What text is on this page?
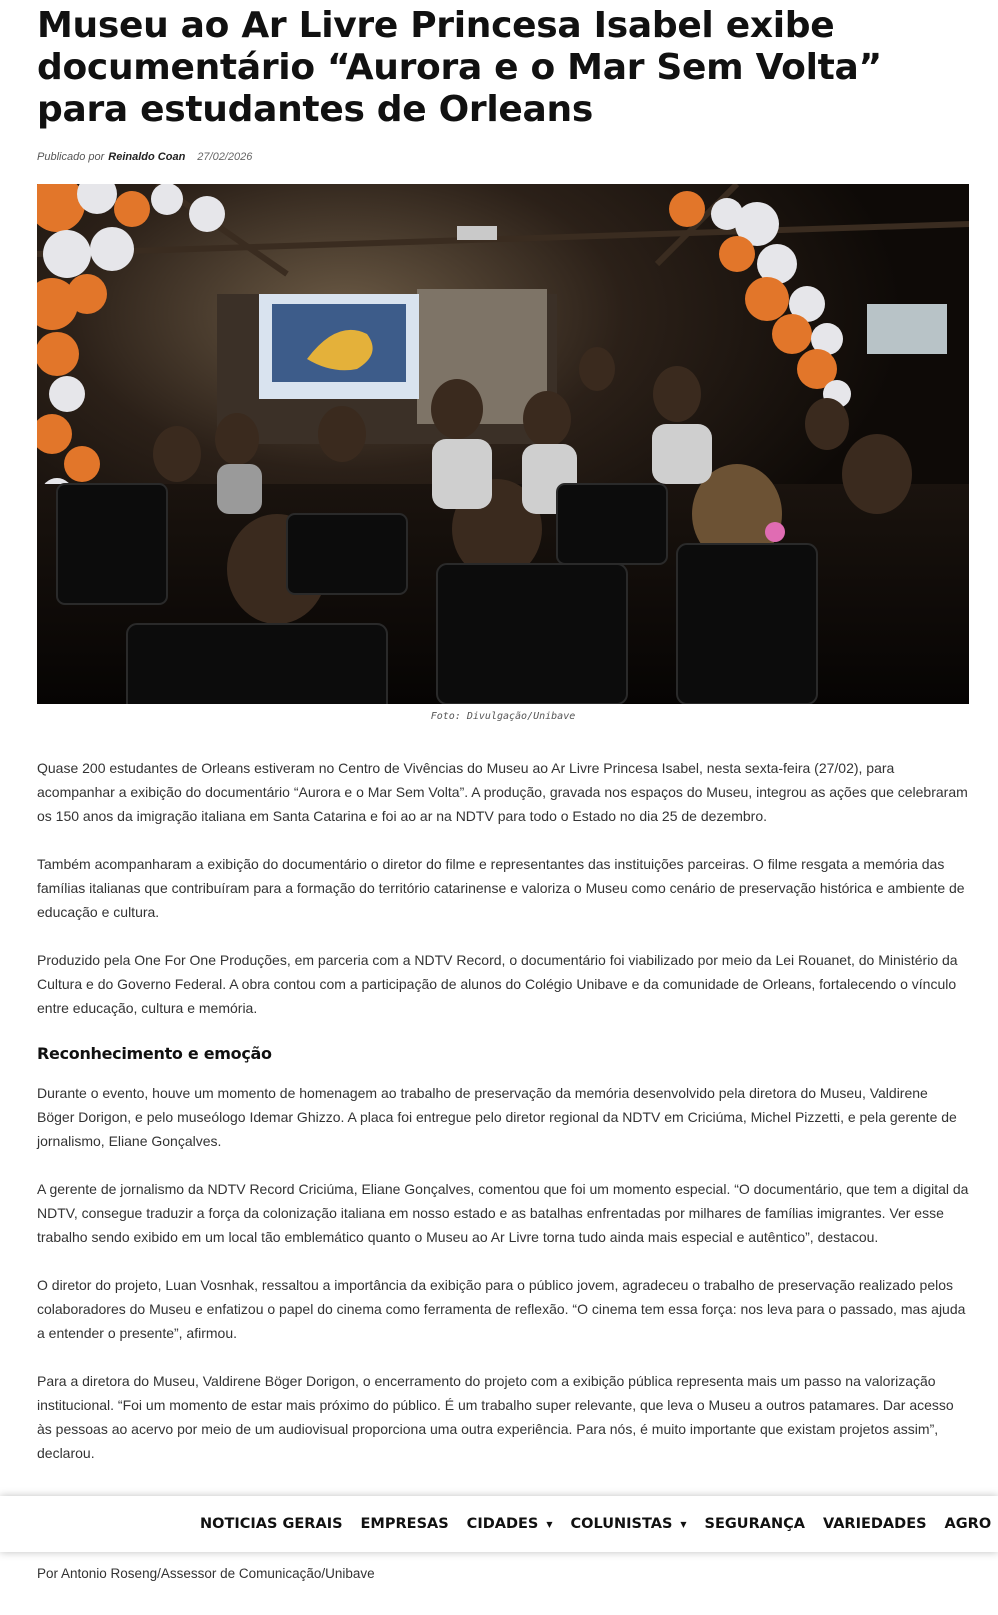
Museu ao Ar Livre Princesa Isabel exibe documentário “Aurora e o Mar Sem Volta” para estudantes de Orleans
Publicado por Reinaldo Coan 27/02/2026
Foto: Divulgação/Unibave

Quase 200 estudantes de Orleans estiveram no Centro de Vivências do Museu ao Ar Livre Princesa Isabel, nesta sexta-feira (27/02), para acompanhar a exibição do documentário “Aurora e o Mar Sem Volta”. A produção, gravada nos espaços do Museu, integrou as ações que celebraram os 150 anos da imigração italiana em Santa Catarina e foi ao ar na NDTV para todo o Estado no dia 25 de dezembro.

Também acompanharam a exibição do documentário o diretor do filme e representantes das instituições parceiras. O filme resgata a memória das famílias italianas que contribuíram para a formação do território catarinense e valoriza o Museu como cenário de preservação histórica e ambiente de educação e cultura.

Produzido pela One For One Produções, em parceria com a NDTV Record, o documentário foi viabilizado por meio da Lei Rouanet, do Ministério da Cultura e do Governo Federal. A obra contou com a participação de alunos do Colégio Unibave e da comunidade de Orleans, fortalecendo o vínculo entre educação, cultura e memória.

Reconhecimento e emoção

Durante o evento, houve um momento de homenagem ao trabalho de preservação da memória desenvolvido pela diretora do Museu, Valdirene Böger Dorigon, e pelo museólogo Idemar Ghizzo. A placa foi entregue pelo diretor regional da NDTV em Criciúma, Michel Pizzetti, e pela gerente de jornalismo, Eliane Gonçalves.

A gerente de jornalismo da NDTV Record Criciúma, Eliane Gonçalves, comentou que foi um momento especial. “O documentário, que tem a digital da NDTV, consegue traduzir a força da colonização italiana em nosso estado e as batalhas enfrentadas por milhares de famílias imigrantes. Ver esse trabalho sendo exibido em um local tão emblemático quanto o Museu ao Ar Livre torna tudo ainda mais especial e autêntico”, destacou.

O diretor do projeto, Luan Vosnhak, ressaltou a importância da exibição para o público jovem, agradeceu o trabalho de preservação realizado pelos colaboradores do Museu e enfatizou o papel do cinema como ferramenta de reflexão. “O cinema tem essa força: nos leva para o passado, mas ajuda a entender o presente”, afirmou.

Para a diretora do Museu, Valdirene Böger Dorigon, o encerramento do projeto com a exibição pública representa mais um passo na valorização institucional. “Foi um momento de estar mais próximo do público. É um trabalho super relevante, que leva o Museu a outros patamares. Dar acesso às pessoas ao acervo por meio de um audiovisual proporciona uma outra experiência. Para nós, é muito importante que existam projetos assim”, declarou.

NOTICIAS GERAIS EMPRESAS CIDADES ▼ COLUNISTAS ▼ SEGURANÇA VARIEDADES AGRO
Por Antonio Roseng/Assessor de Comunicação/Unibave
